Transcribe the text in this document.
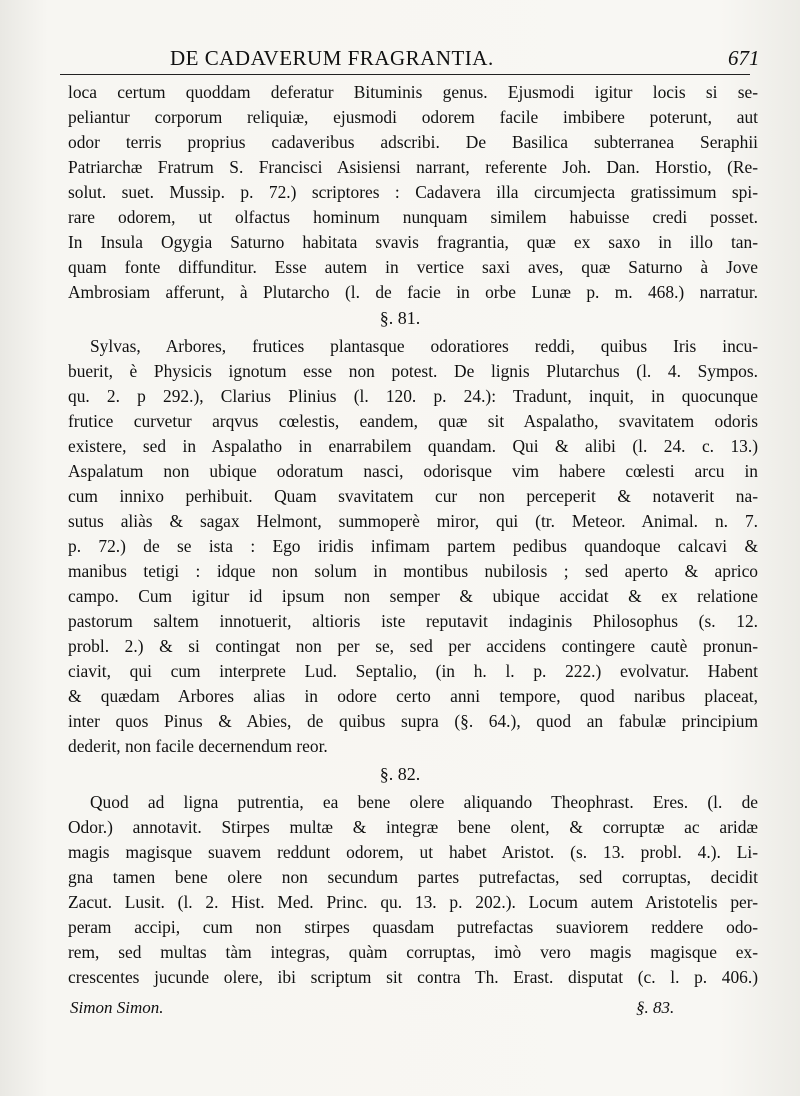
DE CADAVERUM FRAGRANTIA.	671
loca certum quoddam deferatur Bituminis genus. Ejusmodi igitur locis si se-
peliantur corporum reliquiæ, ejusmodi odorem facile imbibere poterunt, aut
odor terris proprius cadaveribus adscribi. De Basilica subterranea Seraphii
Patriarchæ Fratrum S. Francisci Asisiensi narrant, referente Joh. Dan. Horstio, (Re-
solut. suet. Mussip. p. 72.) scriptores : Cadavera illa circumjecta gratissimum spi-
rare odorem, ut olfactus hominum nunquam similem habuisse credi posset.
In Insula Ogygia Saturno habitata svavis fragrantia, quæ ex saxo in illo tan-
quam fonte diffunditur. Esse autem in vertice saxi aves, quæ Saturno à Jove
Ambrosiam afferunt, à Plutarcho (l. de facie in orbe Lunæ p. m. 468.) narratur.
§. 81.
Sylvas, Arbores, frutices plantasque odoratiores reddi, quibus Iris incu-
buerit, è Physicis ignotum esse non potest. De lignis Plutarchus (l. 4. Sympos.
qu. 2. p 292.), Clarius Plinius (l. 120. p. 24.): Tradunt, inquit, in quocunque
frutice curvetur arqvus cœlestis, eandem, quæ sit Aspalatho, svavitatem odoris
existere, sed in Aspalatho in enarrabilem quandam. Qui & alibi (l. 24. c. 13.)
Aspalatum non ubique odoratum nasci, odorisque vim habere cœlesti arcu in
cum innixo perhibuit. Quam svavitatem cur non perceperit & notaverit na-
sutus aliàs & sagax Helmont, summoperè miror, qui (tr. Meteor. Animal. n. 7.
p. 72.) de se ista : Ego iridis infimam partem pedibus quandoque calcavi &
manibus tetigi : idque non solum in montibus nubilosis ; sed aperto & aprico
campo. Cum igitur id ipsum non semper & ubique accidat & ex relatione
pastorum saltem innotuerit, altioris iste reputavit indaginis Philosophus (s. 12.
probl. 2.) & si contingat non per se, sed per accidens contingere cautè pronun-
ciavit, qui cum interprete Lud. Septalio, (in h. l. p. 222.) evolvatur. Habent
& quædam Arbores alias in odore certo anni tempore, quod naribus placeat,
inter quos Pinus & Abies, de quibus supra (§. 64.), quod an fabulæ principium
dederit, non facile decernendum reor.
§. 82.
Quod ad ligna putrentia, ea bene olere aliquando Theophrast. Eres. (l. de
Odor.) annotavit. Stirpes multæ & integræ bene olent, & corruptæ ac aridæ
magis magisque suavem reddunt odorem, ut habet Aristot. (s. 13. probl. 4.). Li-
gna tamen bene olere non secundum partes putrefactas, sed corruptas, decidit
Zacut. Lusit. (l. 2. Hist. Med. Princ. qu. 13. p. 202.). Locum autem Aristotelis per-
peram accipi, cum non stirpes quasdam putrefactas suaviorem reddere odo-
rem, sed multas tàm integras, quàm corruptas, imò vero magis magisque ex-
crescentes jucunde olere, ibi scriptum sit contra Th. Erast. disputat (c. l. p. 406.)
Simon Simon.	§. 83.
